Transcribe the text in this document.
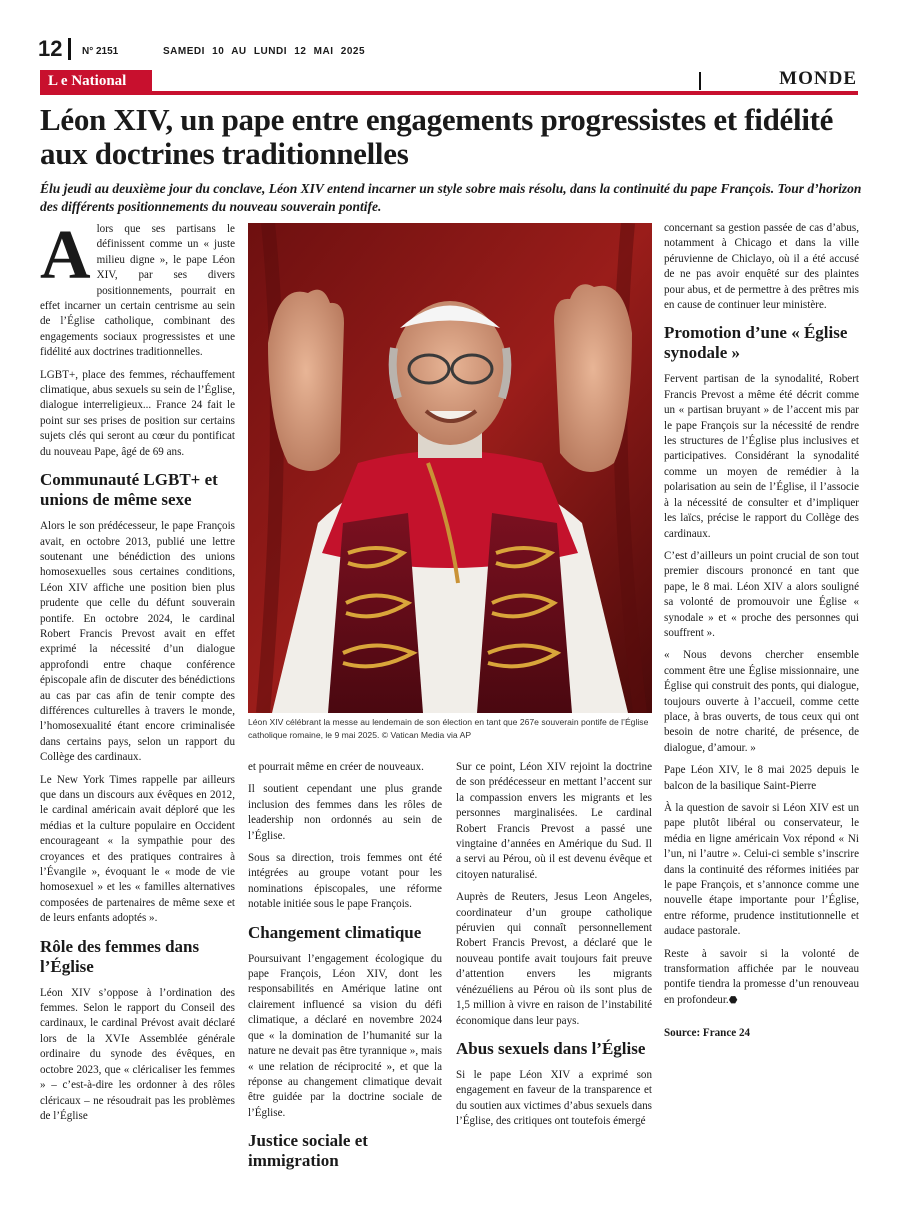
12 N° 2151	SAMEDI 10 AU LUNDI 12 MAI 2025
L e National	MONDE
Léon XIV, un pape entre engagements progressistes et fidélité aux doctrines traditionnelles

Élu jeudi au deuxième jour du conclave, Léon XIV entend incarner un style sobre mais résolu, dans la continuité du pape François. Tour d’horizon des différents positionnements du nouveau souverain pontife.

Alors que ses partisans le définissent comme un « juste milieu digne », le pape Léon XIV, par ses divers positionnements, pourrait en effet incarner un certain centrisme au sein de l’Église catholique, combinant des engagements sociaux progressistes et une fidélité aux doctrines traditionnelles.

LGBT+, place des femmes, réchauffement climatique, abus sexuels su sein de l’Église, dialogue interreligieux... France 24 fait le point sur ses prises de position sur certains sujets clés qui seront au cœur du pontificat du nouveau Pape, âgé de 69 ans.

Communauté LGBT+ et unions de même sexe

Alors le son prédécesseur, le pape François avait, en octobre 2013, publié une lettre soutenant une bénédiction des unions homosexuelles sous certaines conditions, Léon XIV affiche une position bien plus prudente que celle du défunt souverain pontife. En octobre 2024, le cardinal Robert Francis Prevost avait en effet exprimé la nécessité d’un dialogue approfondi entre chaque conférence épiscopale afin de discuter des bénédictions au cas par cas afin de tenir compte des différences culturelles à travers le monde, l’homosexualité étant encore criminalisée dans certains pays, selon un rapport du Collège des cardinaux.

Le New York Times rappelle par ailleurs que dans un discours aux évêques en 2012, le cardinal américain avait déploré que les médias et la culture populaire en Occident encourageant « la sympathie pour des croyances et des pratiques contraires à l’Évangile », évoquant le « mode de vie homosexuel » et les « familles alternatives composées de partenaires de même sexe et de leurs enfants adoptés ».

Rôle des femmes dans l’Église

Léon XIV s’oppose à l’ordination des femmes. Selon le rapport du Conseil des cardinaux, le cardinal Prévost avait déclaré lors de la XVIe Assemblée générale ordinaire du synode des évêques, en octobre 2023, que « cléricaliser les femmes » – c’est-à-dire les ordonner à des rôles cléricaux – ne résoudrait pas les problèmes de l’Église

Léon XIV célébrant la messe au lendemain de son élection en tant que 267e souverain pontife de l’Église catholique romaine, le 9 mai 2025. © Vatican Media via AP

et pourrait même en créer de nouveaux.

Il soutient cependant une plus grande inclusion des femmes dans les rôles de leadership non ordonnés au sein de l’Église.

Sous sa direction, trois femmes ont été intégrées au groupe votant pour les nominations épiscopales, une réforme notable initiée sous le pape François.

Changement climatique

Poursuivant l’engagement écologique du pape François, Léon XIV, dont les responsabilités en Amérique latine ont clairement influencé sa vision du défi climatique, a déclaré en novembre 2024 que « la domination de l’humanité sur la nature ne devait pas être tyrannique », mais « une relation de réciprocité », et que la réponse au changement climatique devait être guidée par la doctrine sociale de l’Église.

Justice sociale et immigration

Sur ce point, Léon XIV rejoint la doctrine de son prédécesseur en mettant l’accent sur la compassion envers les migrants et les personnes marginalisées. Le cardinal Robert Francis Prevost a passé une vingtaine d’années en Amérique du Sud. Il a servi au Pérou, où il est devenu évêque et citoyen naturalisé.

Auprès de Reuters, Jesus Leon Angeles, coordinateur d’un groupe catholique péruvien qui connaît personnellement Robert Francis Prevost, a déclaré que le nouveau pontife avait toujours fait preuve d’attention envers les migrants vénézuéliens au Pérou où ils sont plus de 1,5 million à vivre en raison de l’instabilité économique dans leur pays.

Abus sexuels dans l’Église

Si le pape Léon XIV a exprimé son engagement en faveur de la transparence et du soutien aux victimes d’abus sexuels dans l’Église, des critiques ont toutefois émergé

concernant sa gestion passée de cas d’abus, notamment à Chicago et dans la ville péruvienne de Chiclayo, où il a été accusé de ne pas avoir enquêté sur des plaintes pour abus, et de permettre à des prêtres mis en cause de continuer leur ministère.

Promotion d’une « Église synodale »

Fervent partisan de la synodalité, Robert Francis Prevost a même été décrit comme un « partisan bruyant » de l’accent mis par le pape François sur la nécessité de rendre les structures de l’Église plus inclusives et participatives. Considérant la synodalité comme un moyen de remédier à la polarisation au sein de l’Église, il l’associe à la nécessité de consulter et d’impliquer les laïcs, précise le rapport du Collège des cardinaux.

C’est d’ailleurs un point crucial de son tout premier discours prononcé en tant que pape, le 8 mai. Léon XIV a alors souligné sa volonté de promouvoir une Église « synodale » et « proche des personnes qui souffrent ».

« Nous devons chercher ensemble comment être une Église missionnaire, une Église qui construit des ponts, qui dialogue, toujours ouverte à l’accueil, comme cette place, à bras ouverts, de tous ceux qui ont besoin de notre charité, de présence, de dialogue, d’amour. »

Pape Léon XIV, le 8 mai 2025 depuis le balcon de la basilique Saint-Pierre

À la question de savoir si Léon XIV est un pape plutôt libéral ou conservateur, le média en ligne américain Vox répond « Ni l’un, ni l’autre ». Celui-ci semble s’inscrire dans la continuité des réformes initiées par le pape François, et s’annonce comme une nouvelle étape importante pour l’Église, entre réforme, prudence institutionnelle et audace pastorale.

Reste à savoir si la volonté de transformation affichée par le nouveau pontife tiendra la promesse d’un renouveau en profondeur.⬣

Source: France 24
